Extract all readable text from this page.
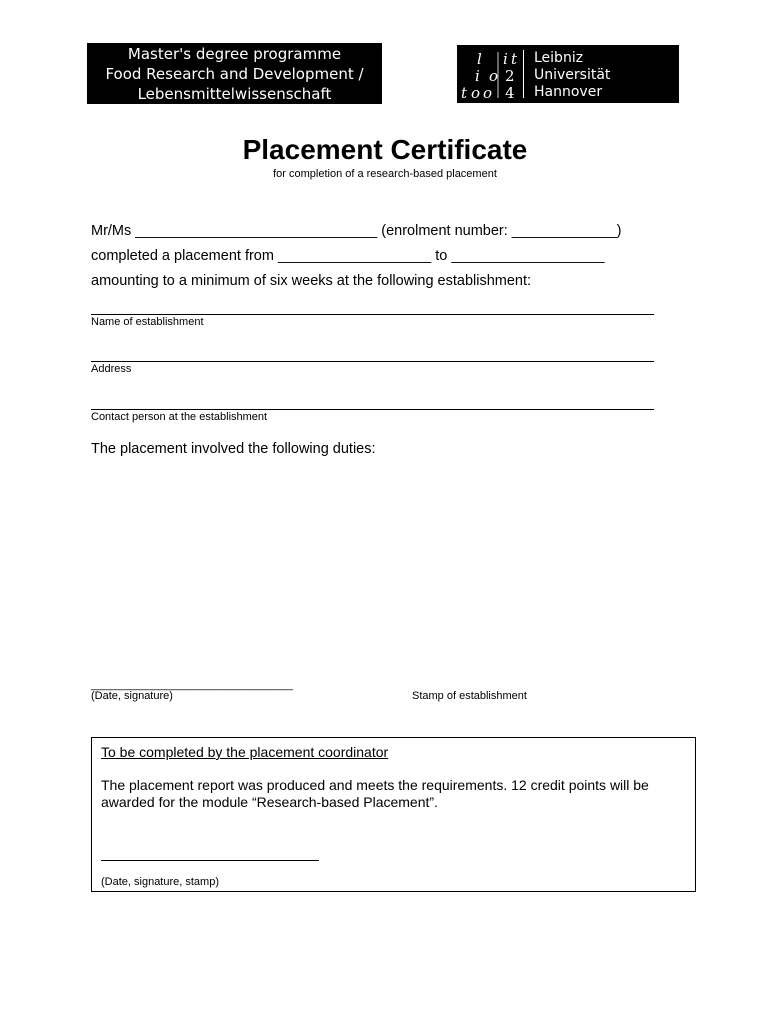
Master's degree programme
Food Research and Development /
Lebensmittelwissenschaft
l i t
i o 2
t o o 4
Leibniz
Universität
Hannover
Placement Certificate
for completion of a research-based placement
Mr/Ms ______________________________ (enrolment number: _____________)
completed a placement from ___________________ to ___________________
amounting to a minimum of six weeks at the following establishment:
Name of establishment
Address
Contact person at the establishment
The placement involved the following duties:
_________________________________
(Date, signature)	Stamp of establishment
To be completed by the placement coordinator
The placement report was produced and meets the requirements. 12 credit points will be awarded for the module “Research-based Placement”.
(Date, signature, stamp)
